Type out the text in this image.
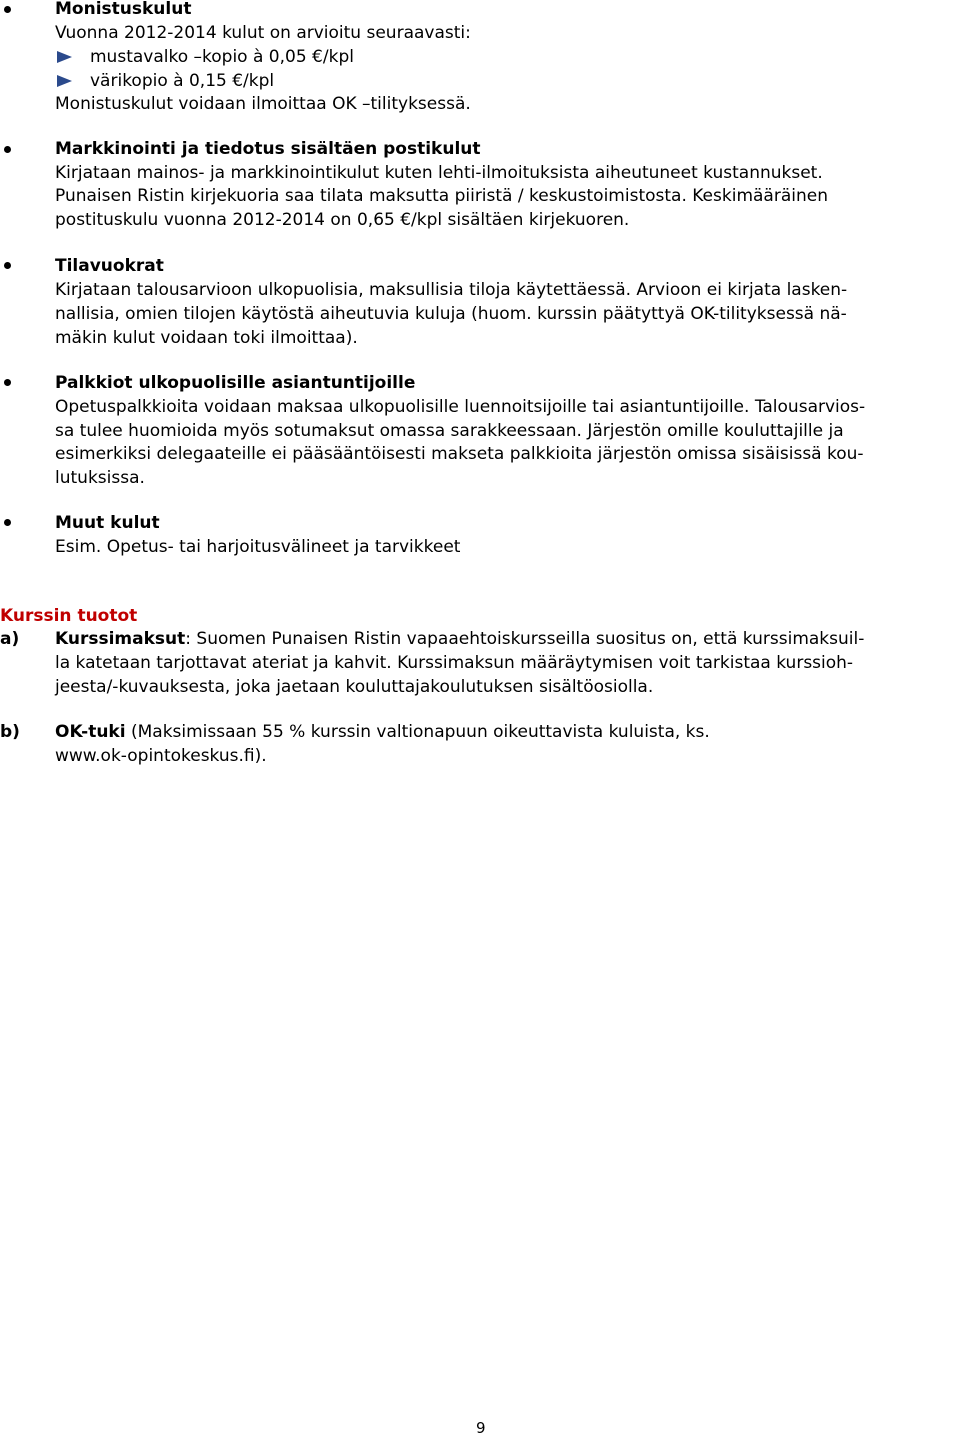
Monistuskulut
Vuonna 2012-2014 kulut on arvioitu seuraavasti:
mustavalko –kopio à 0,05 €/kpl
värikopio à 0,15 €/kpl
Monistuskulut voidaan ilmoittaa OK –tilityksessä.
Markkinointi ja tiedotus sisältäen postikulut
Kirjataan mainos- ja markkinointikulut kuten lehti-ilmoituksista aiheutuneet kustannukset.
Punaisen Ristin kirjekuoria saa tilata maksutta piiristä / keskustoimistosta. Keskimääräinen
postituskulu vuonna 2012-2014 on 0,65 €/kpl sisältäen kirjekuoren.
Tilavuokrat
Kirjataan talousarvioon ulkopuolisia, maksullisia tiloja käytettäessä. Arvioon ei kirjata lasken-
nallisia, omien tilojen käytöstä aiheutuvia kuluja (huom. kurssin päätyttyä OK-tilityksessä nä-
mäkin kulut voidaan toki ilmoittaa).
Palkkiot ulkopuolisille asiantuntijoille
Opetuspalkkioita voidaan maksaa ulkopuolisille luennoitsijoille tai asiantuntijoille. Talousarvios-
sa tulee huomioida myös sotumaksut omassa sarakkeessaan. Järjestön omille kouluttajille ja
esimerkiksi delegaateille ei pääsääntöisesti makseta palkkioita järjestön omissa sisäisissä kou-
lutuksissa.
Muut kulut
Esim. Opetus- tai harjoitusvälineet ja tarvikkeet
Kurssin tuotot
a) Kurssimaksut: Suomen Punaisen Ristin vapaaehtoiskursseilla suositus on, että kurssimaksuil-
la katetaan tarjottavat ateriat ja kahvit. Kurssimaksun määräytymisen voit tarkistaa kurssioh-
jeesta/-kuvauksesta, joka jaetaan kouluttajakoulutuksen sisältöosiolla.
b) OK-tuki (Maksimissaan 55 % kurssin valtionapuun oikeuttavista kuluista, ks.
www.ok-opintokeskus.fi).
9
